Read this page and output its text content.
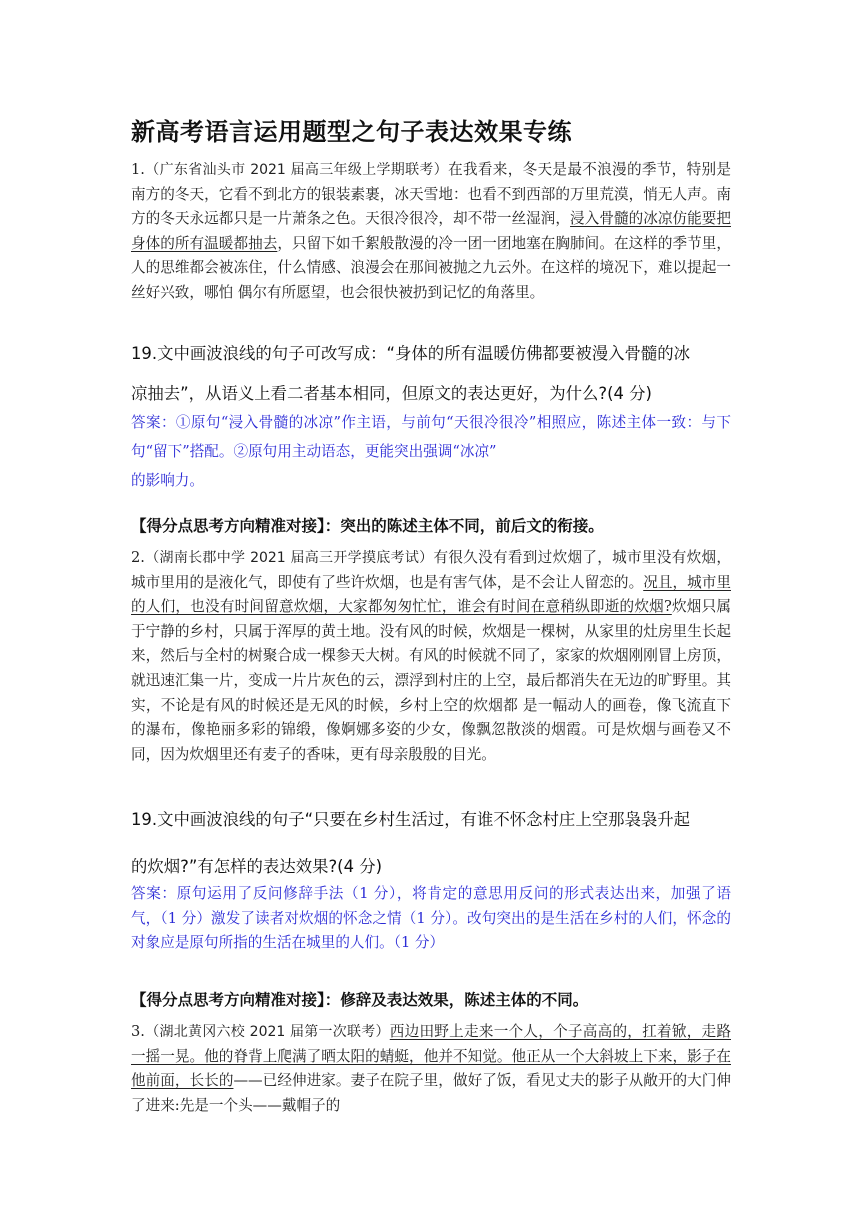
新高考语言运用题型之句子表达效果专练
1.（广东省汕头市 2021 届高三年级上学期联考）在我看来，冬天是最不浪漫的季节，特别是南方的冬天，它看不到北方的银装素裹，冰天雪地：也看不到西部的万里荒漠，悄无人声。南方的冬天永远都只是一片萧条之色。天很冷很冷，却不带一丝湿润，浸入骨髓的冰凉仿能要把身体的所有温暖都抽去，只留下如千絮般散漫的冷一团一团地塞在胸肺间。在这样的季节里，人的思维都会被冻住，什么情感、浪漫会在那间被抛之九云外。在这样的境况下，难以提起一丝好兴致，哪怕 偶尔有所愿望，也会很快被扔到记忆的角落里。
19.文中画波浪线的句子可改写成：“身体的所有温暖仿佛都要被漫入骨髓的冰
凉抽去”，从语义上看二者基本相同，但原文的表达更好，为什么?(4 分)
答案：①原句“浸入骨髓的冰凉”作主语，与前句“天很冷很冷”相照应，陈述主体一致：与下句“留下”搭配。②原句用主动语态，更能突出强调“冰凉”
的影响力。
【得分点思考方向精准对接】：突出的陈述主体不同，前后文的衔接。
2.（湖南长郡中学 2021 届高三开学摸底考试）有很久没有看到过炊烟了，城市里没有炊烟，城市里用的是液化气，即使有了些许炊烟，也是有害气体，是不会让人留恋的。况且，城市里的人们，也没有时间留意炊烟，大家都匆匆忙忙，谁会有时间在意稍纵即逝的炊烟?炊烟只属于宁静的乡村，只属于浑厚的黄土地。没有风的时候，炊烟是一棵树，从家里的灶房里生长起来，然后与全村的树聚合成一棵参天大树。有风的时候就不同了，家家的炊烟刚刚冒上房顶，就迅速汇集一片，变成一片片灰色的云，漂浮到村庄的上空，最后都消失在无边的旷野里。其实，不论是有风的时候还是无风的时候，乡村上空的炊烟都 是一幅动人的画卷，像飞流直下的瀑布，像艳丽多彩的锦缎，像婀娜多姿的少女，像飘忽散淡的烟霞。可是炊烟与画卷又不同，因为炊烟里还有麦子的香味，更有母亲殷殷的目光。
19.文中画波浪线的句子“只要在乡村生活过，有谁不怀念村庄上空那袅袅升起
的炊烟?”有怎样的表达效果?(4 分)
答案：原句运用了反问修辞手法（1 分），将肯定的意思用反问的形式表达出来，加强了语气，（1 分）激发了读者对炊烟的怀念之情（1 分）。改句突出的是生活在乡村的人们，怀念的对象应是原句所指的生活在城里的人们。（1 分）
【得分点思考方向精准对接】：修辞及表达效果，陈述主体的不同。
3.（湖北黄冈六校 2021 届第一次联考）西边田野上走来一个人，个子高高的，扛着锨，走路一摇一晃。他的脊背上爬满了晒太阳的蜻蜓，他并不知觉。他正从一个大斜坡上下来，影子在他前面，长长的——已经伸进家。妻子在院子里，做好了饭，看见丈夫的影子从敞开的大门伸了进来:先是一个头——戴帽子的
